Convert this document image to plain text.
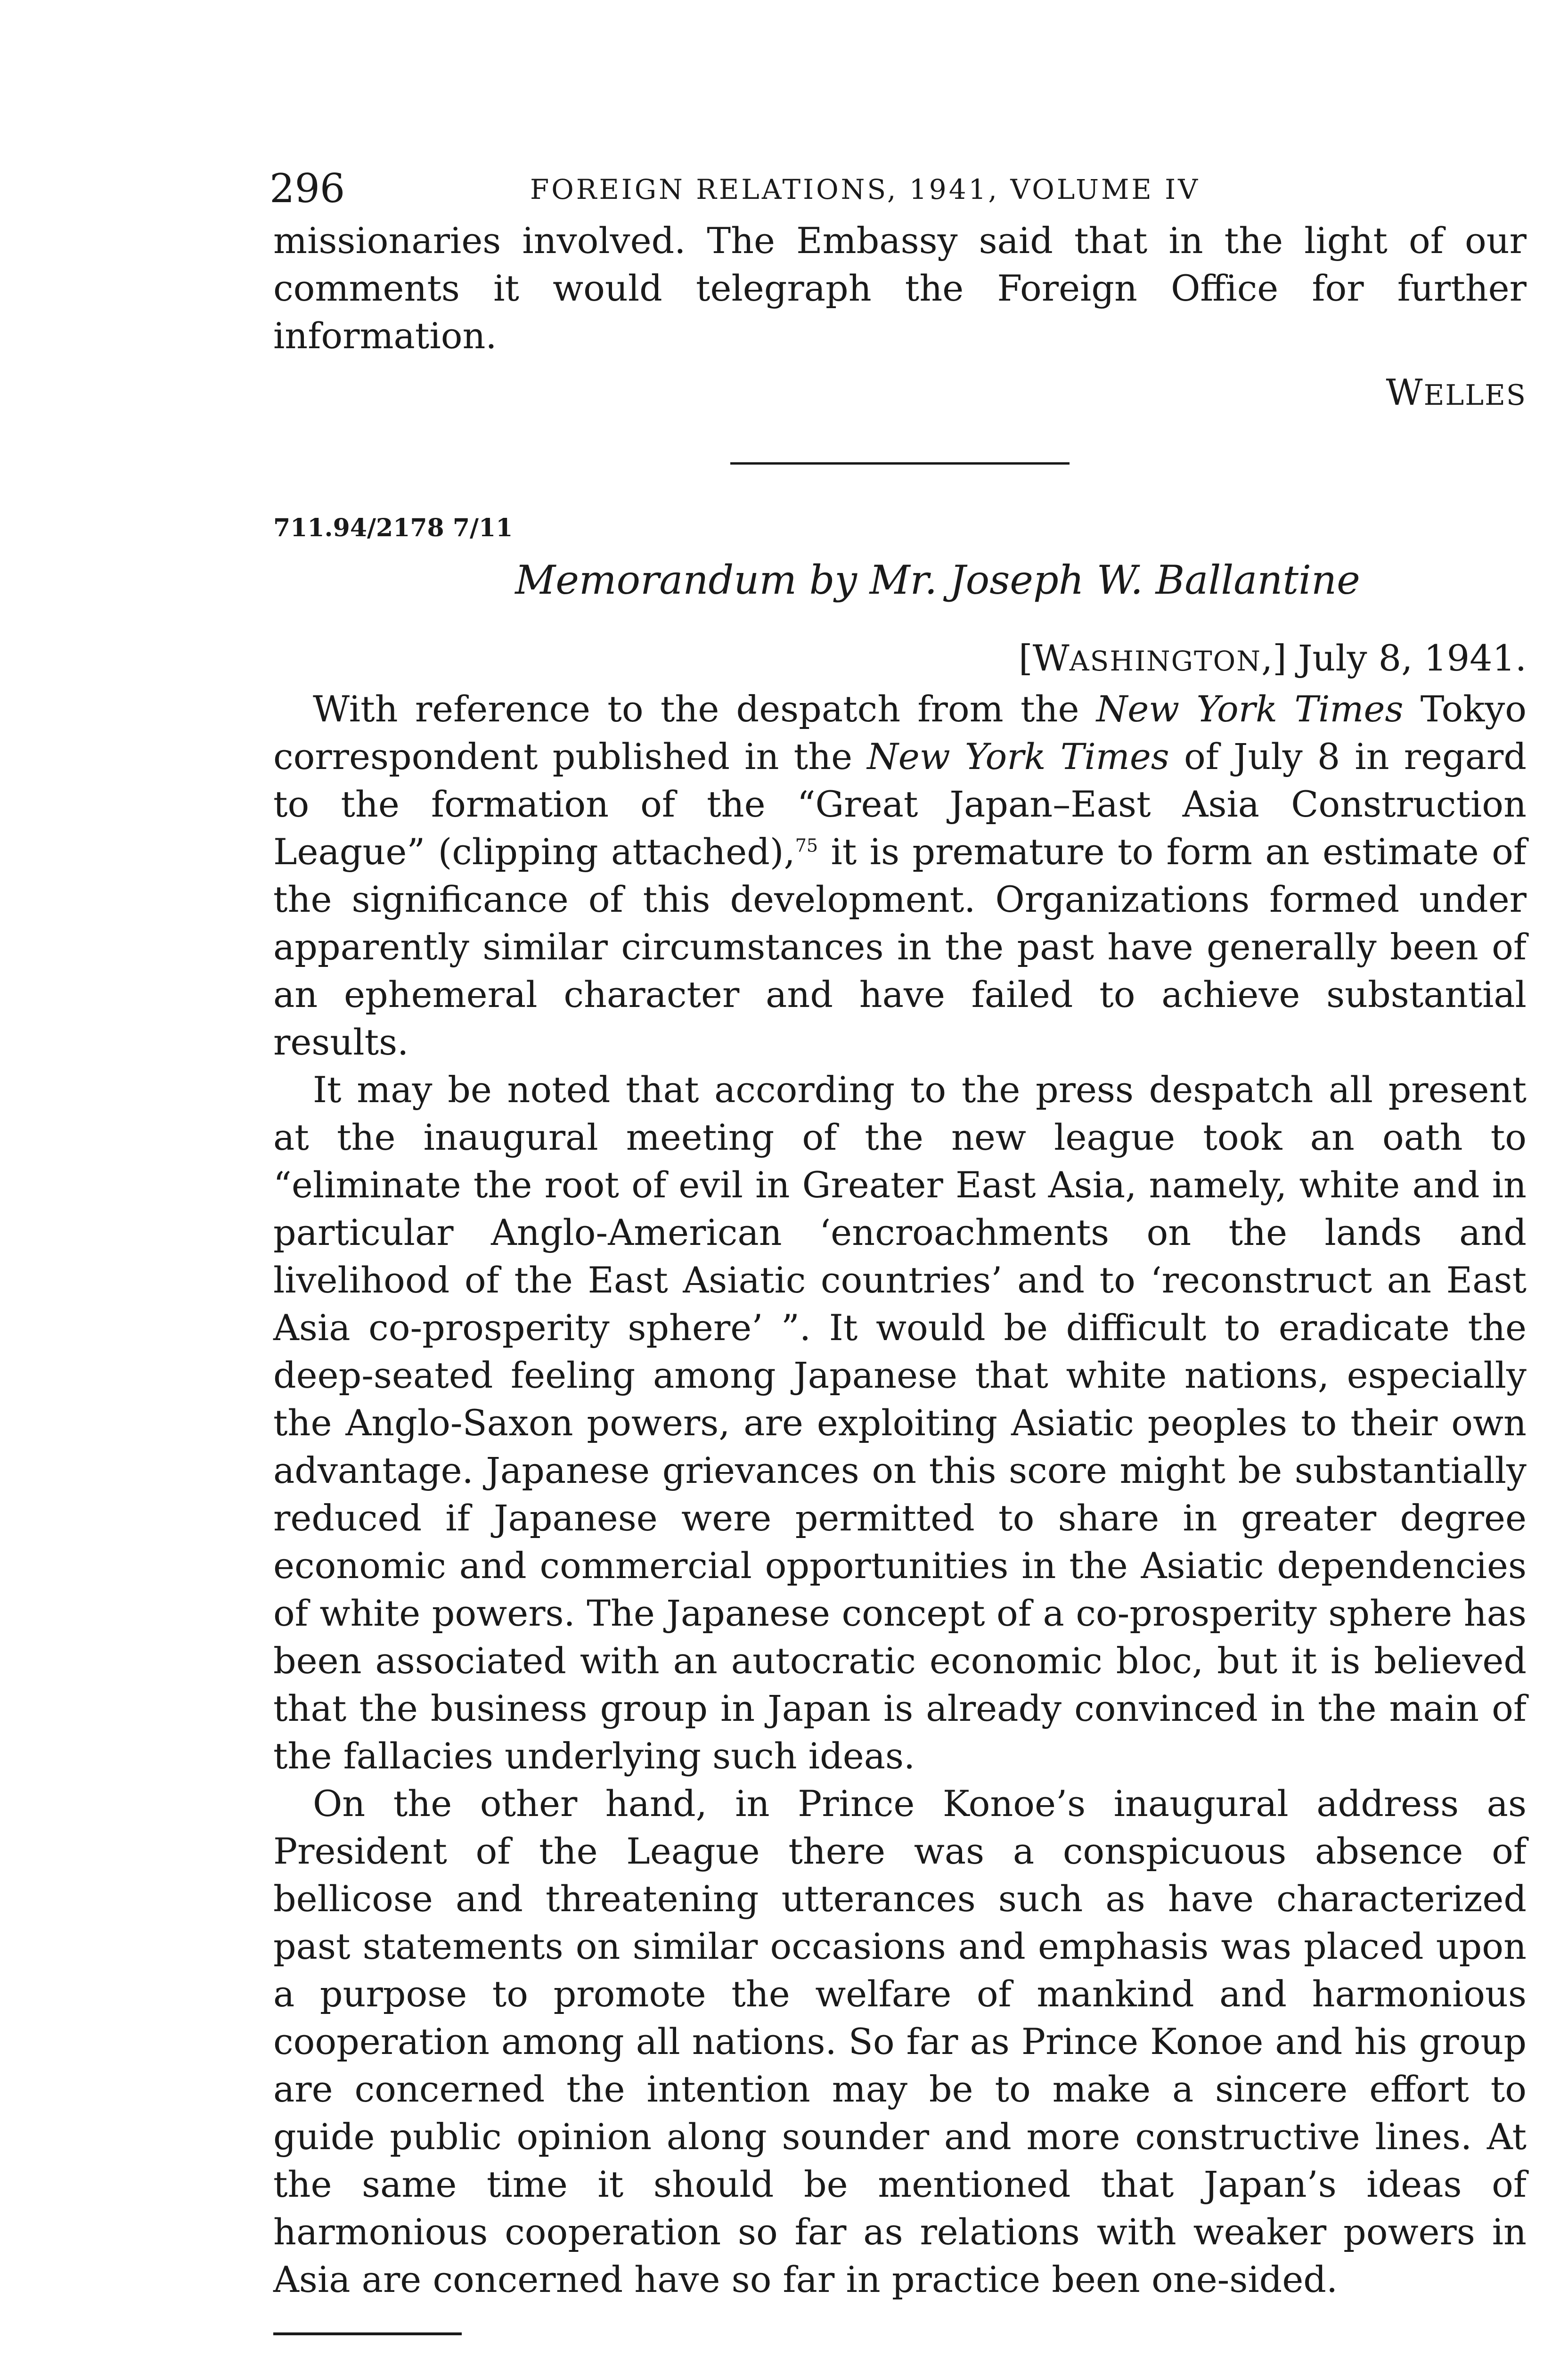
296	FOREIGN RELATIONS, 1941, VOLUME IV

missionaries involved. The Embassy said that in the light of our comments it would telegraph the Foreign Office for further information.

WELLES
711.94/2178 7/11
Memorandum by Mr. Joseph W. Ballantine
[WASHINGTON,] July 8, 1941.

With reference to the despatch from the New York Times Tokyo correspondent published in the New York Times of July 8 in regard to the formation of the “Great Japan–East Asia Construction League” (clipping attached),$^{75}$ it is premature to form an estimate of the significance of this development. Organizations formed under apparently similar circumstances in the past have generally been of an ephemeral character and have failed to achieve substantial results.

It may be noted that according to the press despatch all present at the inaugural meeting of the new league took an oath to “eliminate the root of evil in Greater East Asia, namely, white and in particular Anglo-American ‘encroachments on the lands and livelihood of the East Asiatic countries’ and to ‘reconstruct an East Asia co-prosperity sphere’ ”. It would be difficult to eradicate the deep-seated feeling among Japanese that white nations, especially the Anglo-Saxon powers, are exploiting Asiatic peoples to their own advantage. Japanese grievances on this score might be substantially reduced if Japanese were permitted to share in greater degree economic and commercial opportunities in the Asiatic dependencies of white powers. The Japanese concept of a co-prosperity sphere has been associated with an autocratic economic bloc, but it is believed that the business group in Japan is already convinced in the main of the fallacies underlying such ideas.

On the other hand, in Prince Konoe’s inaugural address as President of the League there was a conspicuous absence of bellicose and threatening utterances such as have characterized past statements on similar occasions and emphasis was placed upon a purpose to promote the welfare of mankind and harmonious cooperation among all nations. So far as Prince Konoe and his group are concerned the intention may be to make a sincere effort to guide public opinion along sounder and more constructive lines. At the same time it should be mentioned that Japan’s ideas of harmonious cooperation so far as relations with weaker powers in Asia are concerned have so far in practice been one-sided.
